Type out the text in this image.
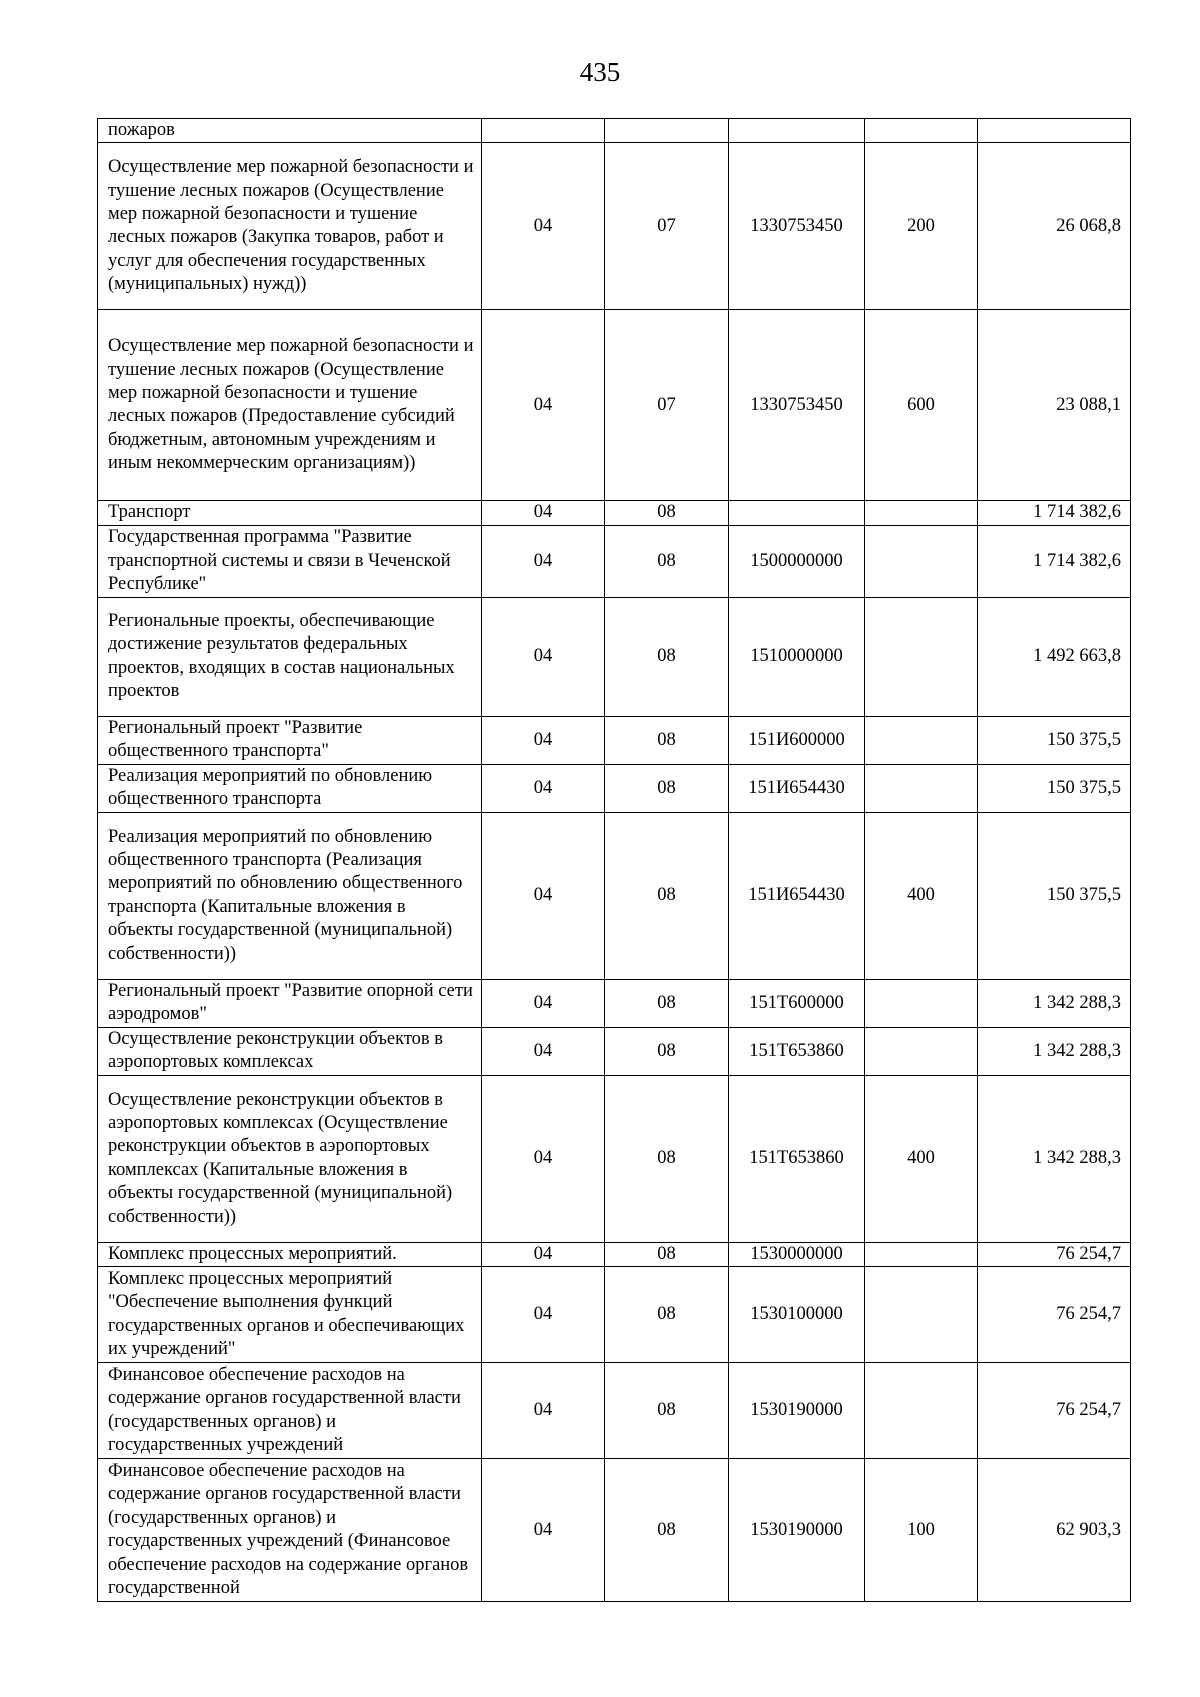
435
пожаров					
Осуществление мер пожарной безопасности и тушение лесных пожаров (Осуществление мер пожарной безопасности и тушение лесных пожаров (Закупка товаров, работ и услуг для обеспечения государственных (муниципальных) нужд))	04	07	1330753450	200	26 068,8
Осуществление мер пожарной безопасности и тушение лесных пожаров (Осуществление мер пожарной безопасности и тушение лесных пожаров (Предоставление субсидий бюджетным, автономным учреждениям и иным некоммерческим организациям))	04	07	1330753450	600	23 088,1
Транспорт	04	08			1 714 382,6
Государственная программа "Развитие транспортной системы и связи в Чеченской Республике"	04	08	1500000000		1 714 382,6
Региональные проекты, обеспечивающие достижение результатов федеральных проектов, входящих в состав национальных проектов	04	08	1510000000		1 492 663,8
Региональный проект "Развитие общественного транспорта"	04	08	151И600000		150 375,5
Реализация мероприятий по обновлению общественного транспорта	04	08	151И654430		150 375,5
Реализация мероприятий по обновлению общественного транспорта (Реализация мероприятий по обновлению общественного транспорта (Капитальные вложения в объекты государственной (муниципальной) собственности))	04	08	151И654430	400	150 375,5
Региональный проект "Развитие опорной сети аэродромов"	04	08	151Т600000		1 342 288,3
Осуществление реконструкции объектов в аэропортовых комплексах	04	08	151Т653860		1 342 288,3
Осуществление реконструкции объектов в аэропортовых комплексах (Осуществление реконструкции объектов в аэропортовых комплексах (Капитальные вложения в объекты государственной (муниципальной) собственности))	04	08	151Т653860	400	1 342 288,3
Комплекс процессных мероприятий.	04	08	1530000000		76 254,7
Комплекс процессных мероприятий "Обеспечение выполнения функций государственных органов и обеспечивающих их учреждений"	04	08	1530100000		76 254,7
Финансовое обеспечение расходов на содержание органов государственной власти (государственных органов) и государственных учреждений	04	08	1530190000		76 254,7
Финансовое обеспечение расходов на содержание органов государственной власти (государственных органов) и государственных учреждений (Финансовое обеспечение расходов на содержание органов государственной	04	08	1530190000	100	62 903,3
